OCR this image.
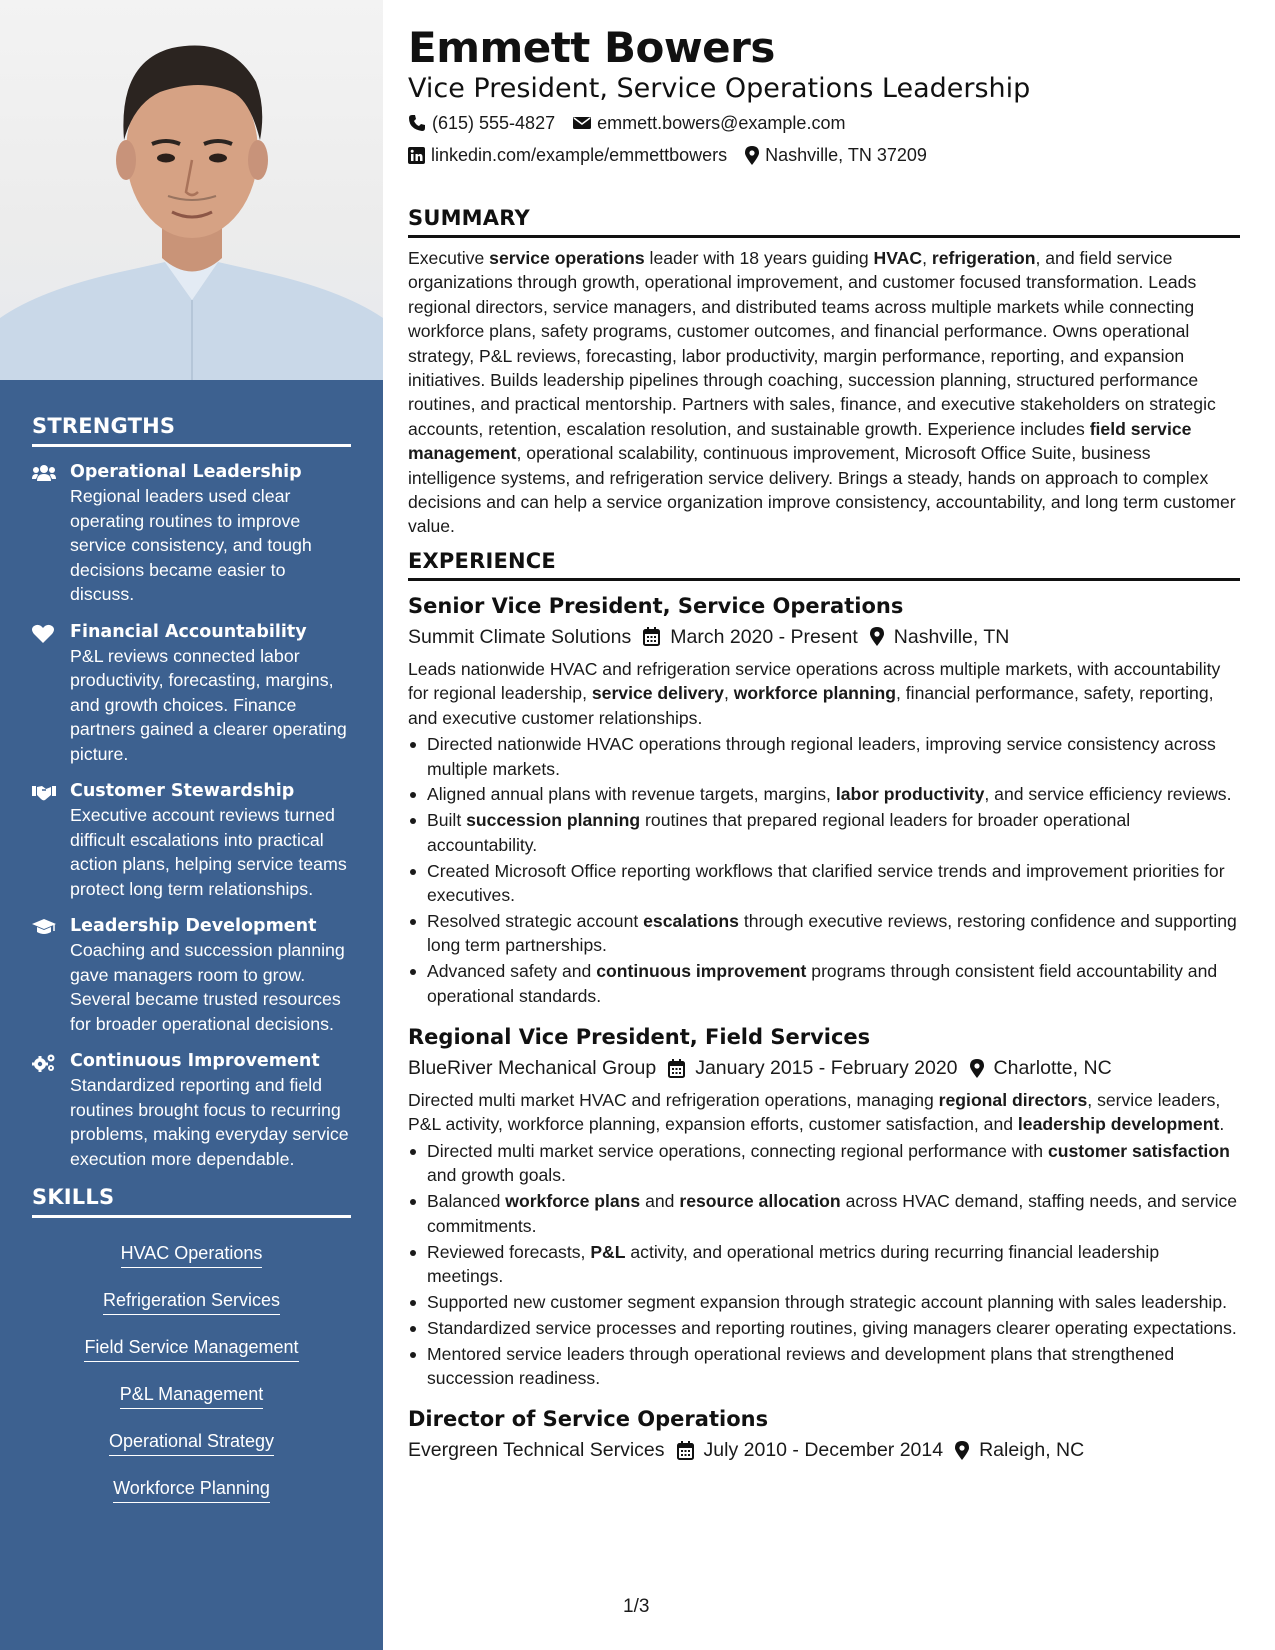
STRENGTHS
Operational Leadership
Regional leaders used clear operating routines to improve service consistency, and tough decisions became easier to discuss.
Financial Accountability
P&L reviews connected labor productivity, forecasting, margins, and growth choices. Finance partners gained a clearer operating picture.
Customer Stewardship
Executive account reviews turned difficult escalations into practical action plans, helping service teams protect long term relationships.
Leadership Development
Coaching and succession planning gave managers room to grow. Several became trusted resources for broader operational decisions.
Continuous Improvement
Standardized reporting and field routines brought focus to recurring problems, making everyday service execution more dependable.
SKILLS
HVAC Operations
Refrigeration Services
Field Service Management
P&L Management
Operational Strategy
Workforce Planning
Emmett Bowers
Vice President, Service Operations Leadership
(615) 555-4827 emmett.bowers@example.com
linkedin.com/example/emmettbowers Nashville, TN 37209
SUMMARY

Executive service operations leader with 18 years guiding HVAC, refrigeration, and field service organizations through growth, operational improvement, and customer focused transformation. Leads regional directors, service managers, and distributed teams across multiple markets while connecting workforce plans, safety programs, customer outcomes, and financial performance. Owns operational strategy, P&L reviews, forecasting, labor productivity, margin performance, reporting, and expansion initiatives. Builds leadership pipelines through coaching, succession planning, structured performance routines, and practical mentorship. Partners with sales, finance, and executive stakeholders on strategic accounts, retention, escalation resolution, and sustainable growth. Experience includes field service management, operational scalability, continuous improvement, Microsoft Office Suite, business intelligence systems, and refrigeration service delivery. Brings a steady, hands on approach to complex decisions and can help a service organization improve consistency, accountability, and long term customer value.

EXPERIENCE
Senior Vice President, Service Operations
Summit Climate Solutions March 2020 - Present Nashville, TN

Leads nationwide HVAC and refrigeration service operations across multiple markets, with accountability for regional leadership, service delivery, workforce planning, financial performance, safety, reporting, and executive customer relationships.

Directed nationwide HVAC operations through regional leaders, improving service consistency across multiple markets.
Aligned annual plans with revenue targets, margins, labor productivity, and service efficiency reviews.
Built succession planning routines that prepared regional leaders for broader operational accountability.
Created Microsoft Office reporting workflows that clarified service trends and improvement priorities for executives.
Resolved strategic account escalations through executive reviews, restoring confidence and supporting long term partnerships.
Advanced safety and continuous improvement programs through consistent field accountability and operational standards.
Regional Vice President, Field Services
BlueRiver Mechanical Group January 2015 - February 2020 Charlotte, NC

Directed multi market HVAC and refrigeration operations, managing regional directors, service leaders, P&L activity, workforce planning, expansion efforts, customer satisfaction, and leadership development.

Directed multi market service operations, connecting regional performance with customer satisfaction and growth goals.
Balanced workforce plans and resource allocation across HVAC demand, staffing needs, and service commitments.
Reviewed forecasts, P&L activity, and operational metrics during recurring financial leadership meetings.
Supported new customer segment expansion through strategic account planning with sales leadership.
Standardized service processes and reporting routines, giving managers clearer operating expectations.
Mentored service leaders through operational reviews and development plans that strengthened succession readiness.
Director of Service Operations
Evergreen Technical Services July 2010 - December 2014 Raleigh, NC
1/3
